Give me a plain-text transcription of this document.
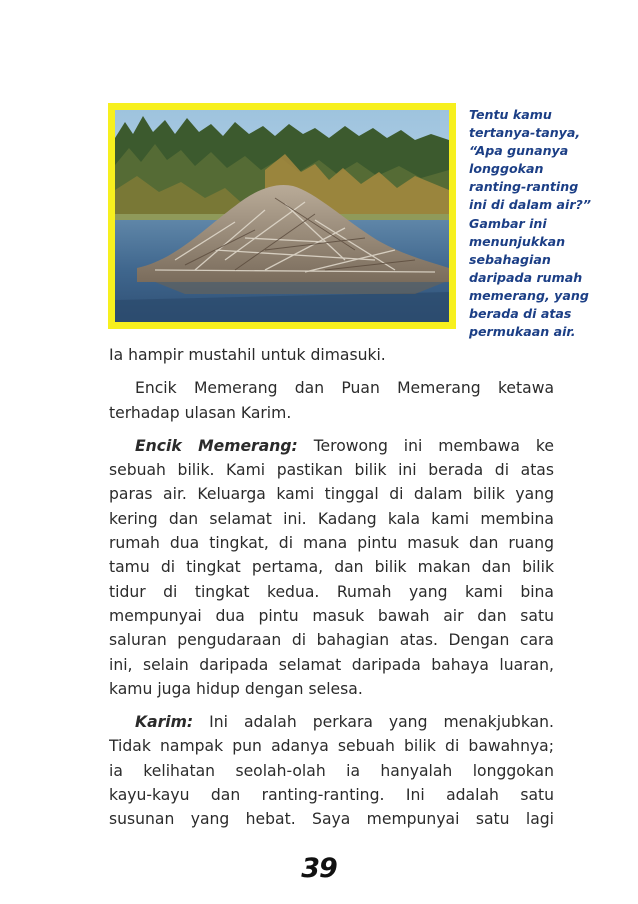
Tentu kamu
tertanya-tanya,
“Apa gunanya
longgokan
ranting-ranting
ini di dalam air?”
Gambar ini
menunjukkan
sebahagian
daripada rumah
memerang, yang
berada di atas
permukaan air.
Ia hampir mustahil untuk dimasuki.
Encik Memerang dan Puan Memerang ketawa
terhadap ulasan Karim.
Encik Memerang: Terowong ini membawa ke
sebuah bilik. Kami pastikan bilik ini berada di atas
paras air. Keluarga kami tinggal di dalam bilik yang
kering dan selamat ini. Kadang kala kami membina
rumah dua tingkat, di mana pintu masuk dan ruang
tamu di tingkat pertama, dan bilik makan dan bilik
tidur di tingkat kedua. Rumah yang kami bina
mempunyai dua pintu masuk bawah air dan satu
saluran pengudaraan di bahagian atas. Dengan cara
ini, selain daripada selamat daripada bahaya luaran,
kamu juga hidup dengan selesa.
Karim: Ini adalah perkara yang menakjubkan.
Tidak nampak pun adanya sebuah bilik di bawahnya;
ia kelihatan seolah-olah ia hanyalah longgokan
kayu-kayu dan ranting-ranting. Ini adalah satu
susunan yang hebat. Saya mempunyai satu lagi
39
